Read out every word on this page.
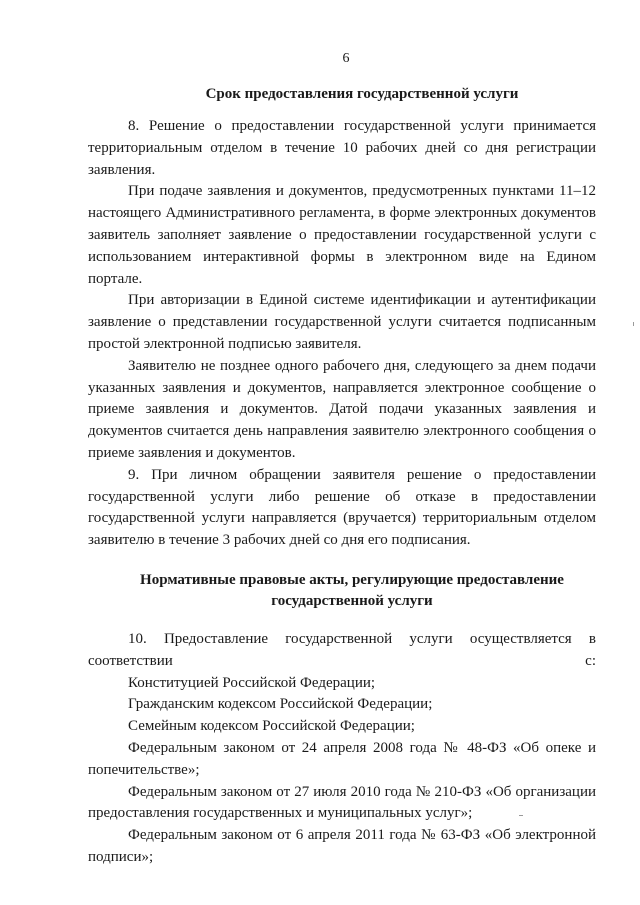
6
Срок предоставления государственной услуги

8. Решение о предоставлении государственной услуги принимается территориальным отделом в течение 10 рабочих дней со дня регистрации заявления.

При подаче заявления и документов, предусмотренных пунктами 11–12 настоящего Административного регламента, в форме электронных документов заявитель заполняет заявление о предоставлении государственной услуги с использованием интерактивной формы в электронном виде на Едином портале.

При авторизации в Единой системе идентификации и аутентификации заявление о представлении государственной услуги считается подписанным простой электронной подписью заявителя.

Заявителю не позднее одного рабочего дня, следующего за днем подачи указанных заявления и документов, направляется электронное сообщение о приеме заявления и документов. Датой подачи указанных заявления и документов считается день направления заявителю электронного сообщения о приеме заявления и документов.

9. При личном обращении заявителя решение о предоставлении государственной услуги либо решение об отказе в предоставлении государственной услуги направляется (вручается) территориальным отделом заявителю в течение 3 рабочих дней со дня его подписания.

Нормативные правовые акты, регулирующие предоставление
государственной услуги

10. Предоставление государственной услуги осуществляется в соответствии с:

Конституцией Российской Федерации;

Гражданским кодексом Российской Федерации;

Семейным кодексом Российской Федерации;

Федеральным законом от 24 апреля 2008 года № 48-ФЗ «Об опеке и попечительстве»;

Федеральным законом от 27 июля 2010 года № 210-ФЗ «Об организации предоставления государственных и муниципальных услуг»;

Федеральным законом от 6 апреля 2011 года № 63-ФЗ «Об электронной подписи»;
